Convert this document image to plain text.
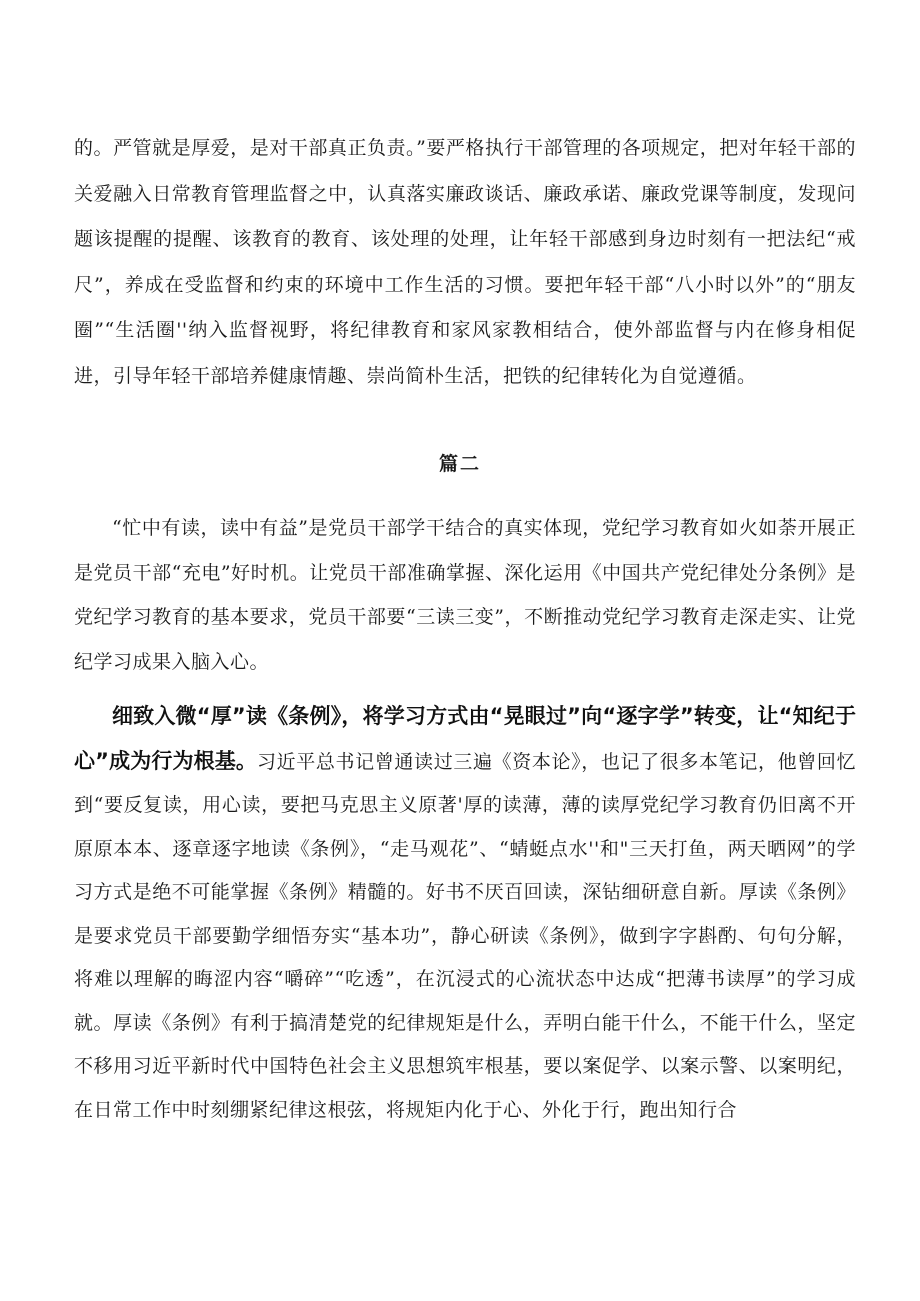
的。严管就是厚爱，是对干部真正负责。”要严格执行干部管理的各项规定，把对年轻干部的关爱融入日常教育管理监督之中，认真落实廉政谈话、廉政承诺、廉政党课等制度，发现问题该提醒的提醒、该教育的教育、该处理的处理，让年轻干部感到身边时刻有一把法纪“戒尺”，养成在受监督和约束的环境中工作生活的习惯。要把年轻干部“八小时以外”的“朋友圈”“生活圈''纳入监督视野，将纪律教育和家风家教相结合，使外部监督与内在修身相促进，引导年轻干部培养健康情趣、崇尚简朴生活，把铁的纪律转化为自觉遵循。

篇二

“忙中有读，读中有益”是党员干部学干结合的真实体现，党纪学习教育如火如荼开展正是党员干部“充电”好时机。让党员干部准确掌握、深化运用《中国共产党纪律处分条例》是党纪学习教育的基本要求，党员干部要“三读三变”，不断推动党纪学习教育走深走实、让党纪学习成果入脑入心。

细致入微“厚”读《条例》，将学习方式由“晃眼过”向“逐字学”转变，让“知纪于心”成为行为根基。习近平总书记曾通读过三遍《资本论》，也记了很多本笔记，他曾回忆到“要反复读，用心读，要把马克思主义原著'厚的读薄，薄的读厚党纪学习教育仍旧离不开原原本本、逐章逐字地读《条例》，“走马观花”、“蜻蜓点水''和"三天打鱼，两天晒网”的学习方式是绝不可能掌握《条例》精髓的。好书不厌百回读，深钻细研意自新。厚读《条例》是要求党员干部要勤学细悟夯实“基本功”，静心研读《条例》，做到字字斟酌、句句分解，将难以理解的晦涩内容“嚼碎”“吃透”，在沉浸式的心流状态中达成“把薄书读厚”的学习成就。厚读《条例》有利于搞清楚党的纪律规矩是什么，弄明白能干什么，不能干什么，坚定不移用习近平新时代中国特色社会主义思想筑牢根基，要以案促学、以案示警、以案明纪，在日常工作中时刻绷紧纪律这根弦，将规矩内化于心、外化于行，跑出知行合
